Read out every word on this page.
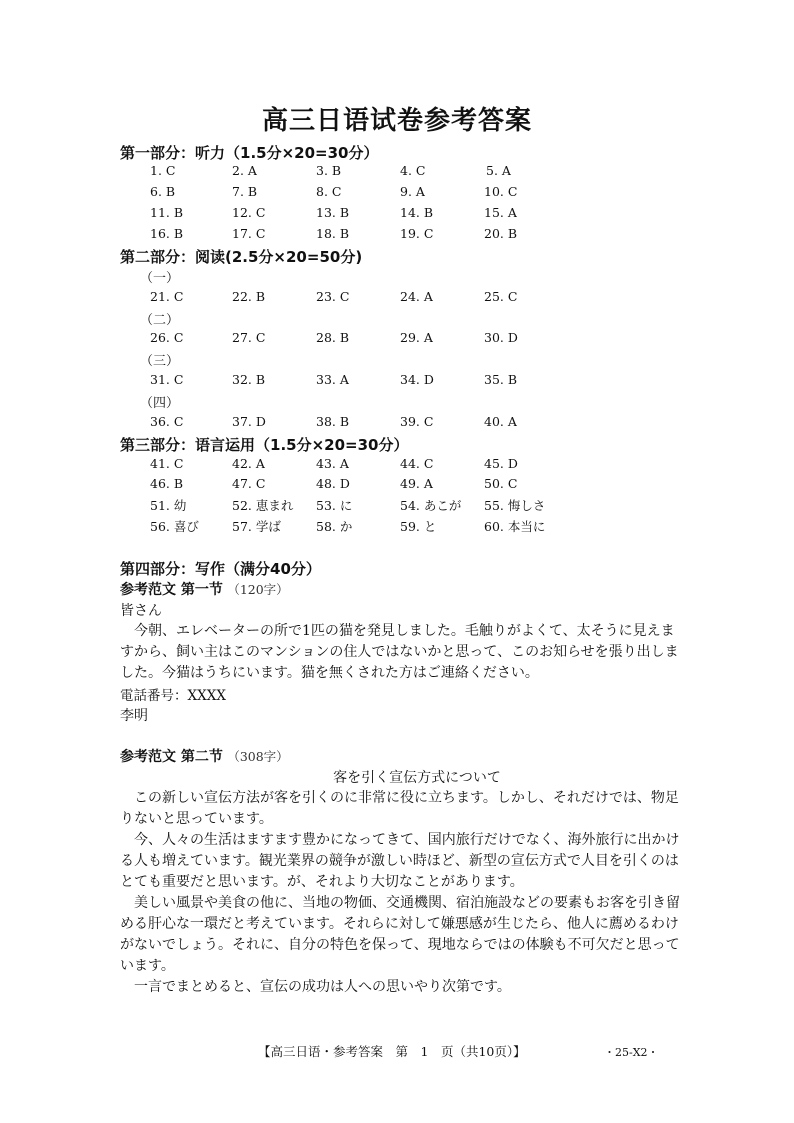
高三日语试卷参考答案
第一部分：听力（1.5分×20=30分）
1. C	2. A	3. B	4. C	5. A
6. B	7. B	8. C	9. A	10. C
11. B	12. C	13. B	14. B	15. A
16. B	17. C	18. B	19. C	20. B
第二部分：阅读(2.5分×20=50分)
（一）
21. C	22. B	23. C	24. A	25. C
（二）
26. C	27. C	28. B	29. A	30. D
（三）
31. C	32. B	33. A	34. D	35. B
（四）
36. C	37. D	38. B	39. C	40. A
第三部分：语言运用（1.5分×20=30分）
41. C	42. A	43. A	44. C	45. D
46. B	47. C	48. D	49. A	50. C
51. 幼	52. 恵まれ 53. に	54. あこが 55. 悔しさ
56. 喜び	57. 学ば	58. か	59. と	60. 本当に
第四部分：写作（满分40分）
参考范文 第一节 （120字）
皆さん

今朝、エレベーターの所で1匹の猫を発見しました。毛触りがよくて、太そうに見えますから、飼い主はこのマンションの住人ではないかと思って、このお知らせを張り出しました。今猫はうちにいます。猫を無くされた方はご連絡ください。

電話番号：XXXX
李明
参考范文 第二节 （308字）
客を引く宣伝方式について

この新しい宣伝方法が客を引くのに非常に役に立ちます。しかし、それだけでは、物足りないと思っています。

今、人々の生活はますます豊かになってきて、国内旅行だけでなく、海外旅行に出かける人も増えています。観光業界の競争が激しい時ほど、新型の宣伝方式で人目を引くのはとても重要だと思います。が、それより大切なことがあります。

美しい風景や美食の他に、当地の物価、交通機関、宿泊施設などの要素もお客を引き留める肝心な一環だと考えています。それらに対して嫌悪感が生じたら、他人に薦めるわけがないでしょう。それに、自分の特色を保って、現地ならではの体験も不可欠だと思っています。

一言でまとめると、宣伝の成功は人への思いやり次第です。

【高三日语・参考答案　第　1　页（共10页）】	・25-X2・
